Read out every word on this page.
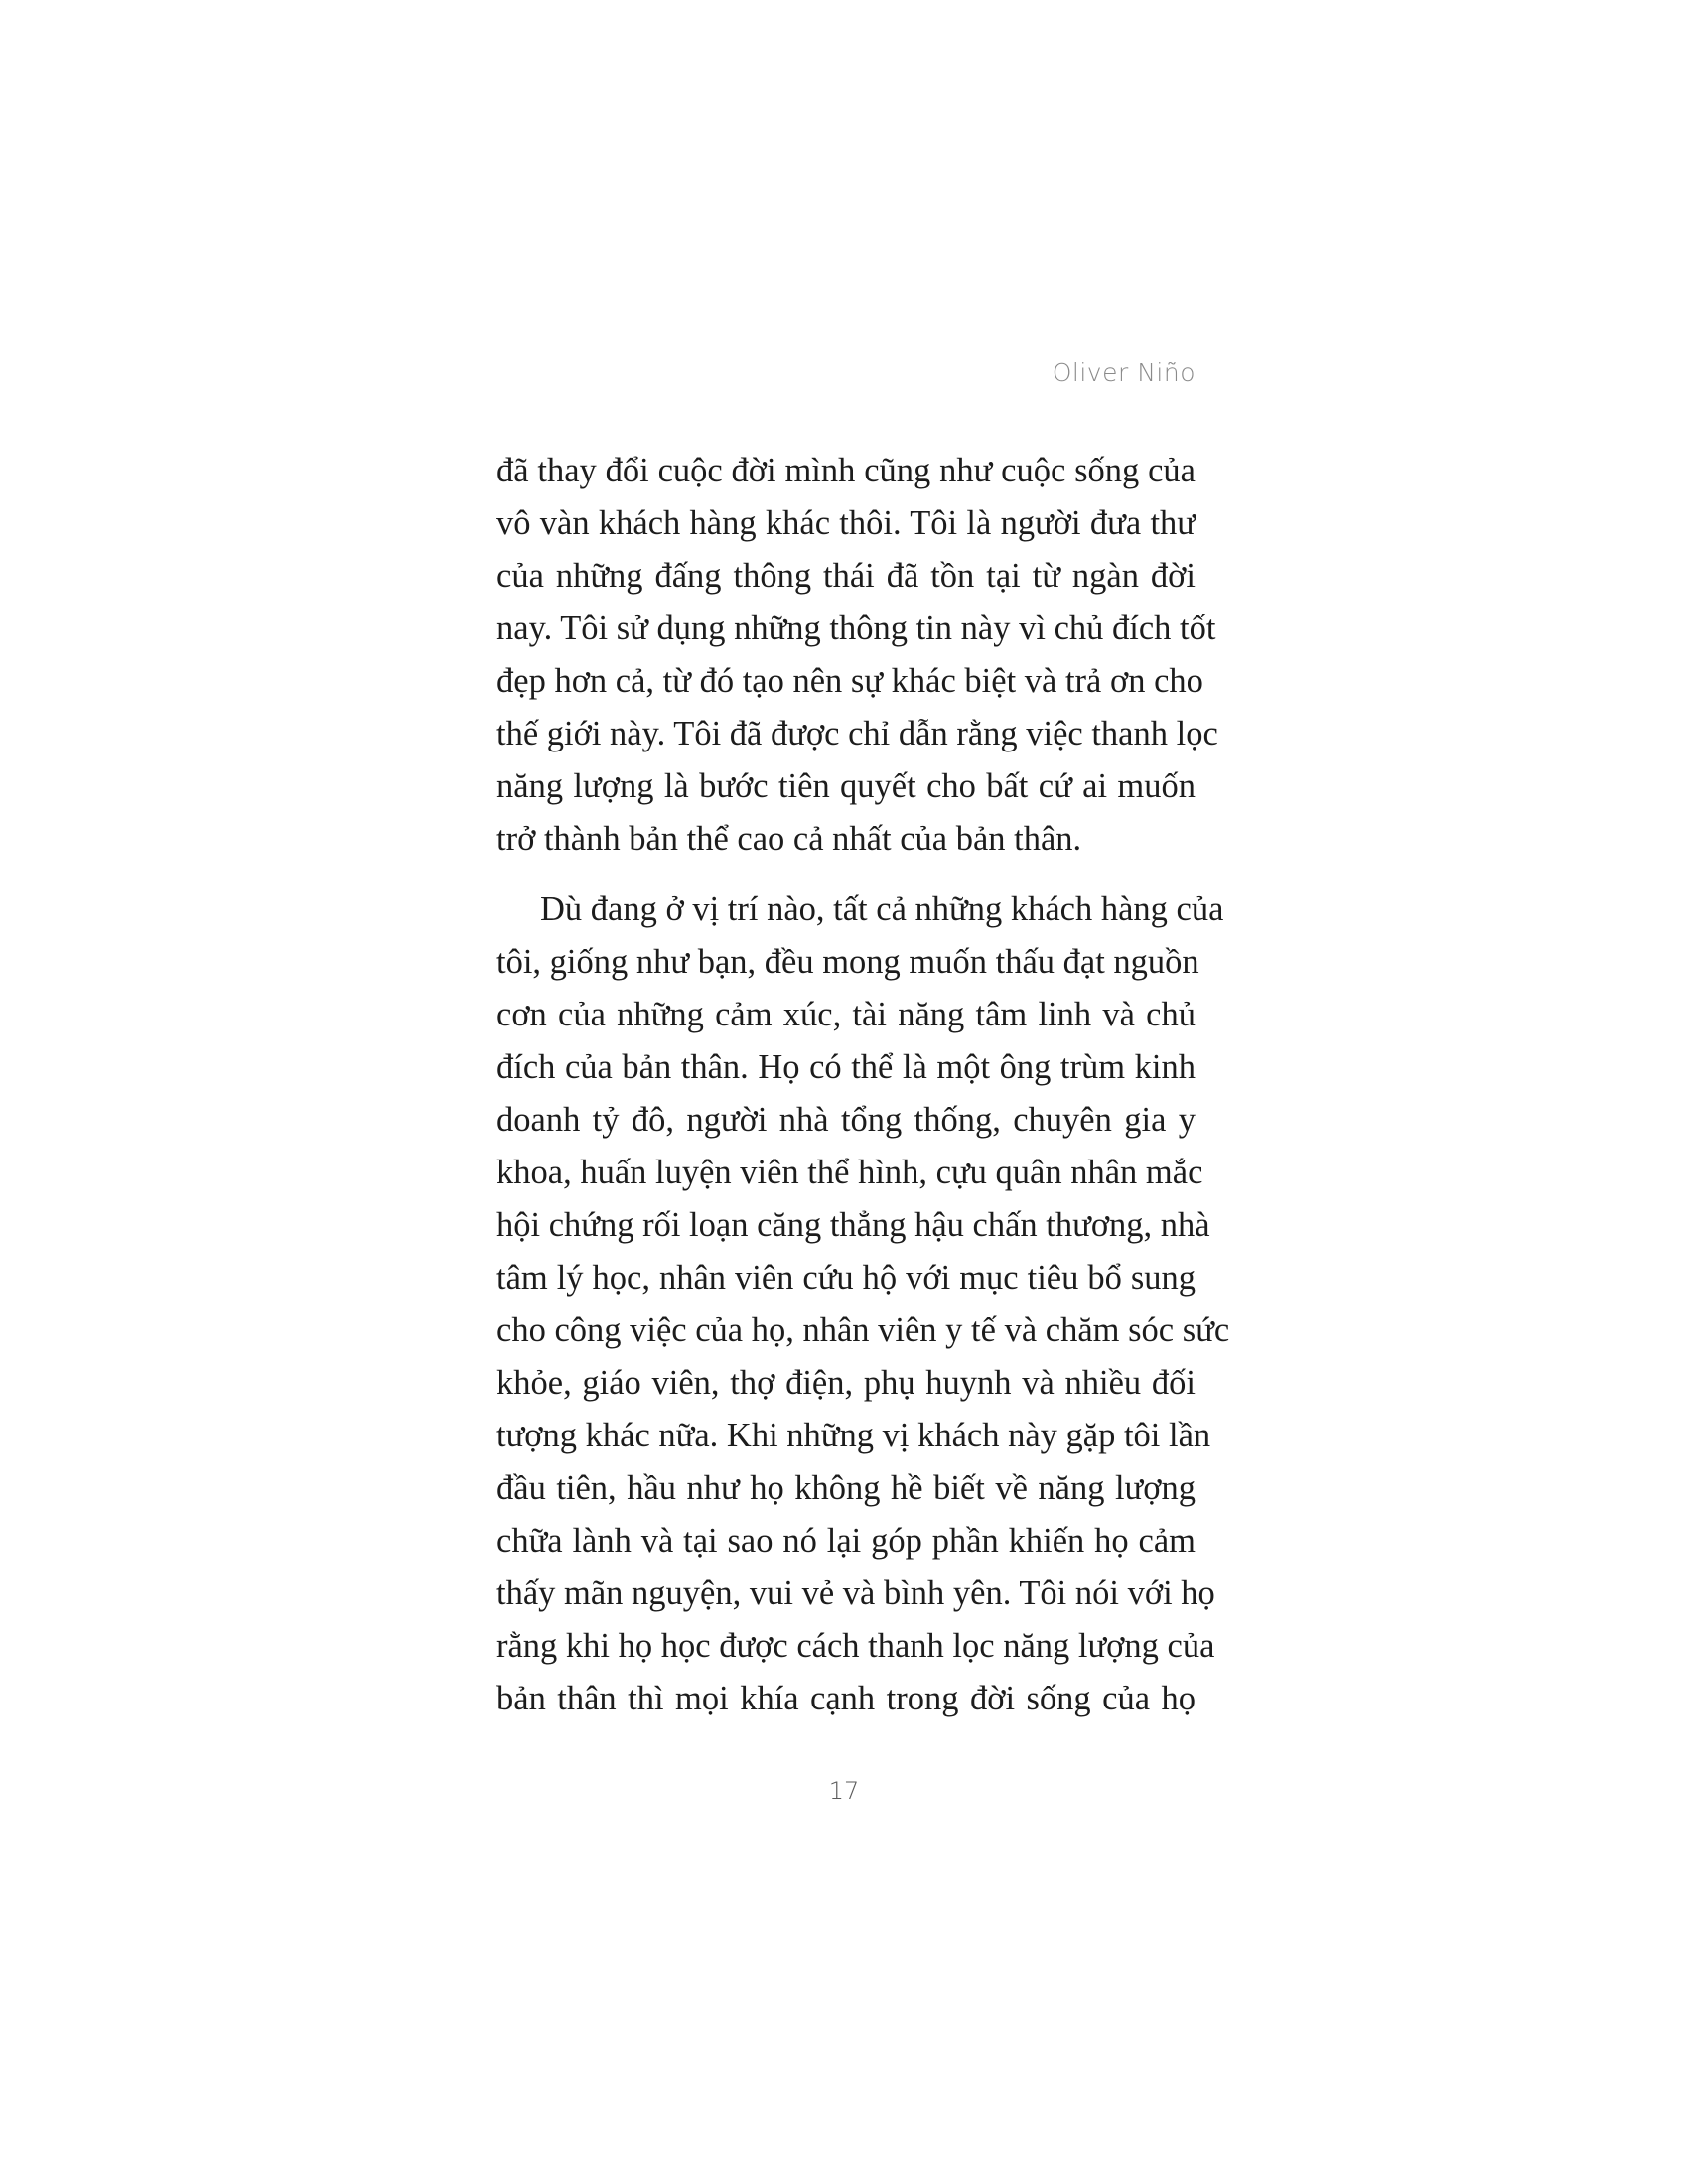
Oliver Niño
đã thay đổi cuộc đời mình cũng như cuộc sống của
vô vàn khách hàng khác thôi. Tôi là người đưa thư
của những đấng thông thái đã tồn tại từ ngàn đời
nay. Tôi sử dụng những thông tin này vì chủ đích tốt
đẹp hơn cả, từ đó tạo nên sự khác biệt và trả ơn cho
thế giới này. Tôi đã được chỉ dẫn rằng việc thanh lọc
năng lượng là bước tiên quyết cho bất cứ ai muốn
trở thành bản thể cao cả nhất của bản thân.
Dù đang ở vị trí nào, tất cả những khách hàng của
tôi, giống như bạn, đều mong muốn thấu đạt nguồn
cơn của những cảm xúc, tài năng tâm linh và chủ
đích của bản thân. Họ có thể là một ông trùm kinh
doanh tỷ đô, người nhà tổng thống, chuyên gia y
khoa, huấn luyện viên thể hình, cựu quân nhân mắc
hội chứng rối loạn căng thẳng hậu chấn thương, nhà
tâm lý học, nhân viên cứu hộ với mục tiêu bổ sung
cho công việc của họ, nhân viên y tế và chăm sóc sức
khỏe, giáo viên, thợ điện, phụ huynh và nhiều đối
tượng khác nữa. Khi những vị khách này gặp tôi lần
đầu tiên, hầu như họ không hề biết về năng lượng
chữa lành và tại sao nó lại góp phần khiến họ cảm
thấy mãn nguyện, vui vẻ và bình yên. Tôi nói với họ
rằng khi họ học được cách thanh lọc năng lượng của
bản thân thì mọi khía cạnh trong đời sống của họ
17
